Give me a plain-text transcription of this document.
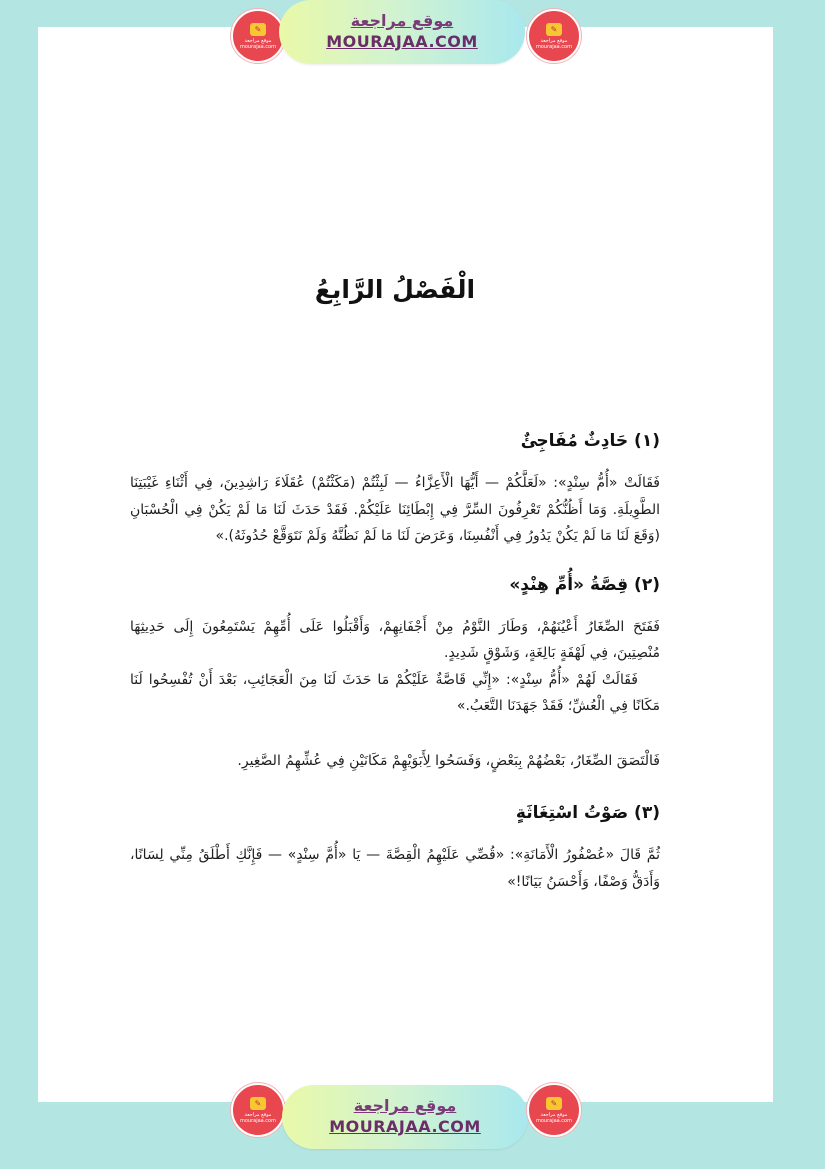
✎
موقع مراجعة mourajaa.com
موقع مراجعة
MOURAJAA.COM
✎
موقع مراجعة mourajaa.com
الْفَصْلُ الرَّابِعُ
(١) حَادِثٌ مُفَاجِئٌ

فَقَالَتْ «أُمُّ سِنْدٍ»: «لَعَلَّكُمْ — أَيُّهَا الْأَعِزَّاءُ — لَبِثْتُمْ (مَكَثْتُمْ) عُقَلَاءَ رَاشِدِينَ، فِي أَثْنَاءِ غَيْبَتِنَا الطَّوِيلَةِ. وَمَا أَظُنُّكُمْ تَعْرِفُونَ السِّرَّ فِي إِبْطَائِنَا عَلَيْكُمْ. فَقَدْ حَدَثَ لَنَا مَا لَمْ يَكُنْ فِي الْحُسْبَانِ (وَقَعَ لَنَا مَا لَمْ يَكُنْ يَدُورُ فِي أَنْفُسِنَا، وَعَرَضَ لَنَا مَا لَمْ نَظُنَّهُ وَلَمْ نَتَوَقَّعْ حُدُوثَهُ).»

(٢) قِصَّةُ «أُمِّ هِنْدٍ»

فَفَتَحَ الصِّغَارُ أَعْيُنَهُمْ، وَطَارَ النَّوْمُ مِنْ أَجْفَانِهِمْ، وَأَقْبَلُوا عَلَى أُمِّهِمْ يَسْتَمِعُونَ إِلَى حَدِيثِهَا مُنْصِتِينَ، فِي لَهْفَةٍ بَالِغَةٍ، وَشَوْقٍ شَدِيدٍ.

فَقَالَتْ لَهُمْ «أُمُّ سِنْدٍ»: «إِنِّي قَاصَّةٌ عَلَيْكُمْ مَا حَدَثَ لَنَا مِنَ الْعَجَائِبِ، بَعْدَ أَنْ تُفْسِحُوا لَنَا مَكَانًا فِي الْعُشِّ؛ فَقَدْ جَهَدَنَا التَّعَبُ.»

فَالْتَصَقَ الصِّغَارُ، بَعْضُهُمْ بِبَعْضٍ، وَفَسَحُوا لِأَبَوَيْهِمْ مَكَانَيْنِ فِي عُشِّهِمُ الصَّغِيرِ.

(٣) صَوْتُ اسْتِغَاثَةٍ

ثُمَّ قَالَ «عُصْفُورُ الْأَمَانَةِ»: «قُصِّي عَلَيْهِمُ الْقِصَّةَ — يَا «أُمَّ سِنْدٍ» — فَإِنَّكِ أَطْلَقُ مِنِّي لِسَانًا، وَأَدَقُّ وَصْفًا، وَأَحْسَنُ بَيَانًا!»

✎
موقع مراجعة mourajaa.com
موقع مراجعة
MOURAJAA.COM
✎
موقع مراجعة mourajaa.com
